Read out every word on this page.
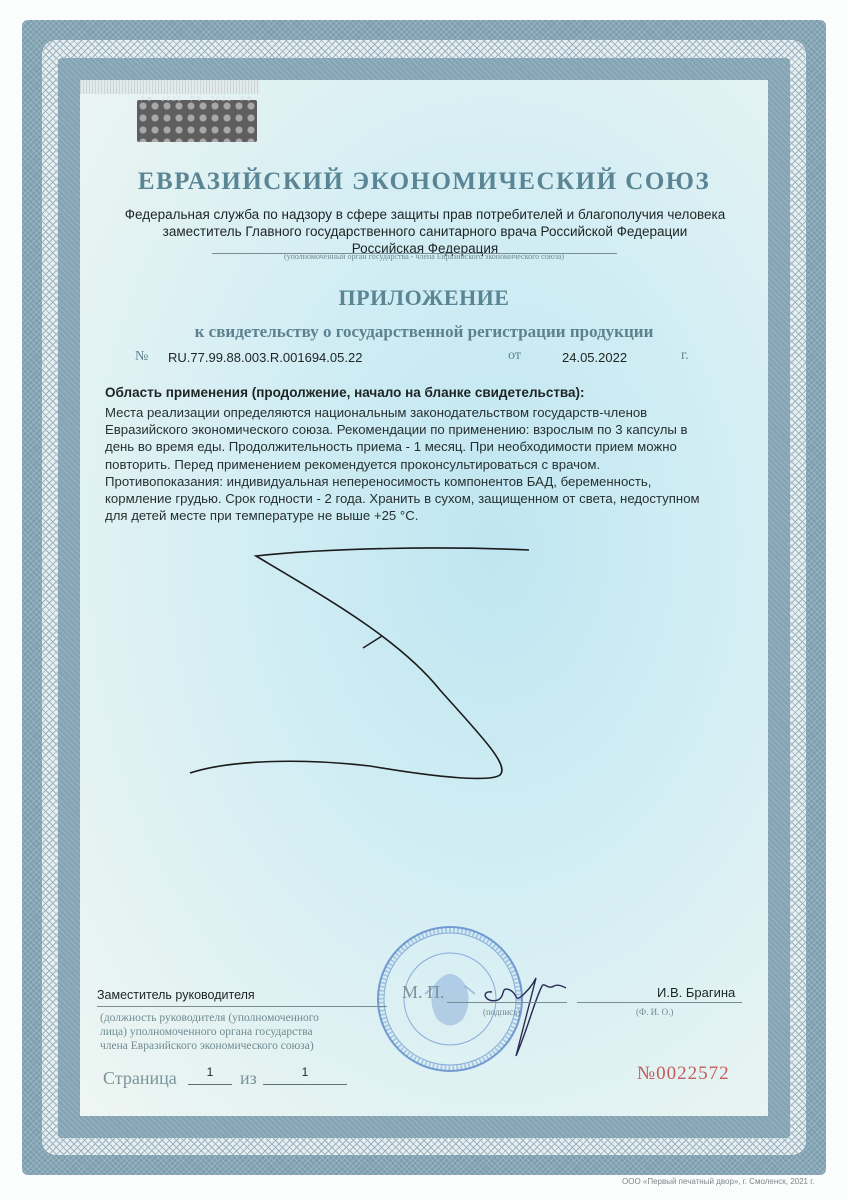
РФ 2021 РФ 2021 РФ
ЕВРАЗИЙСКИЙ ЭКОНОМИЧЕСКИЙ СОЮЗ
Федеральная служба по надзору в сфере защиты прав потребителей и благополучия человека
заместитель Главного государственного санитарного врача Российской Федерации
Российская Федерация
(уполномоченный орган государства - члена Евразийского экономического союза)
ПРИЛОЖЕНИЕ
к свидетельству о государственной регистрации продукции
№ RU.77.99.88.003.R.001694.05.22	от	24.05.2022	г.
Область применения (продолжение, начало на бланке свидетельства):

Места реализации определяются национальным законодательством государств-членов

Евразийского экономического союза. Рекомендации по применению: взрослым по 3 капсулы в

день во время еды. Продолжительность приема - 1 месяц. При необходимости прием можно

повторить. Перед применением рекомендуется проконсультироваться с врачом.

Противопоказания: индивидуальная непереносимость компонентов БАД, беременность,

кормление грудью. Срок годности - 2 года. Хранить в сухом, защищенном от света, недоступном

для детей месте при температуре не выше +25 °С.

Заместитель руководителя
(должность руководителя (уполномоченного
лица) уполномоченного органа государства
члена Евразийского экономического союза)
М. П.
(подпись)
И.В. Брагина
(Ф. И. О.)
Страница	1	из	1	№0022572
ООО «Первый печатный двор», г. Смоленск, 2021 г.
